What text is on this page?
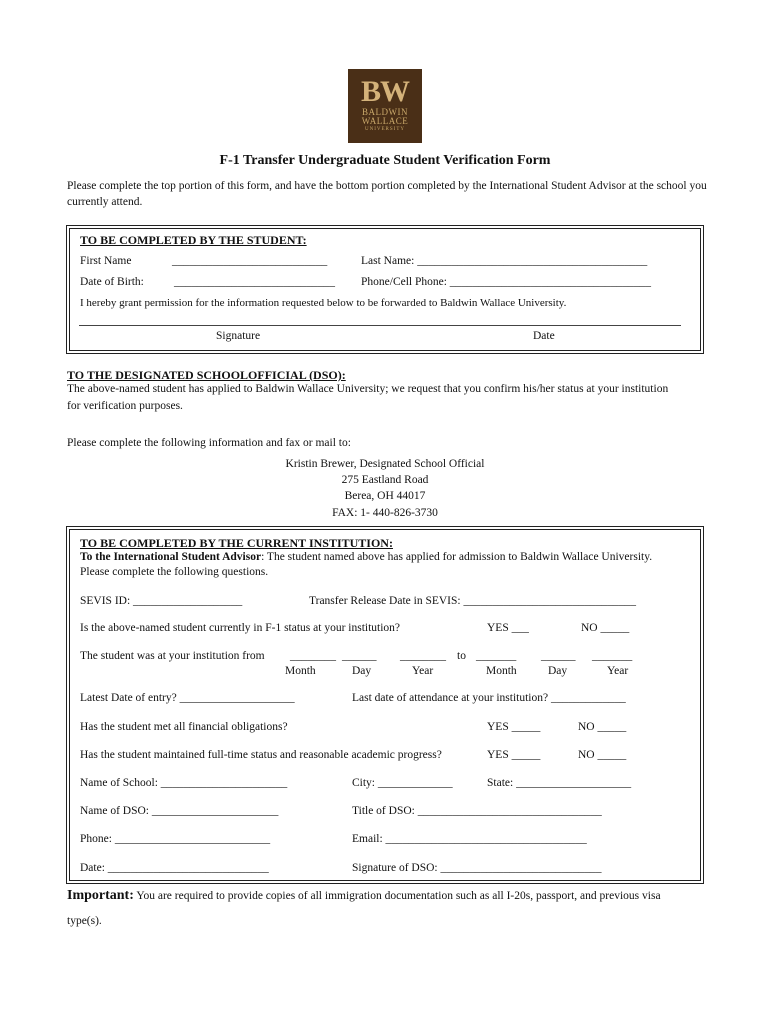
BW
BALDWIN
WALLACE
UNIVERSITY
F-1 Transfer Undergraduate Student Verification Form
Please complete the top portion of this form, and have the bottom portion completed by the International Student Advisor at the school you
currently attend.
TO BE COMPLETED BY THE STUDENT:
First Name	___________________________	Last Name: ________________________________________
Date of Birth:	____________________________ Phone/Cell Phone: ___________________________________
I hereby grant permission for the information requested below to be forwarded to Baldwin Wallace University.
Signature	Date
TO THE DESIGNATED SCHOOLOFFICIAL (DSO):
The above-named student has applied to Baldwin Wallace University; we request that you confirm his/her status at your institution
for verification purposes.
Please complete the following information and fax or mail to:
Kristin Brewer, Designated School Official
275 Eastland Road
Berea, OH 44017
FAX: 1- 440-826-3730
TO BE COMPLETED BY THE CURRENT INSTITUTION:
To the International Student Advisor: The student named above has applied for admission to Baldwin Wallace University.
Please complete the following questions.
SEVIS ID: ___________________	Transfer Release Date in SEVIS: ______________________________
Is the above-named student currently in F-1 status at your institution?	YES ___	NO _____
The student was at your institution from ________ ______ ________ to _______ ______ _______
Month	Day	Year	Month	Day	Year
Latest Date of entry? ____________________	Last date of attendance at your institution? _____________
Has the student met all financial obligations?	YES _____	NO _____
Has the student maintained full-time status and reasonable academic progress?	YES _____	NO _____
Name of School: ______________________	City: _____________	State: ____________________
Name of DSO: ______________________	Title of DSO: ________________________________
Phone: ___________________________	Email: ___________________________________
Date: ____________________________	Signature of DSO: ____________________________
Important: You are required to provide copies of all immigration documentation such as all I-20s, passport, and previous visa
type(s).
